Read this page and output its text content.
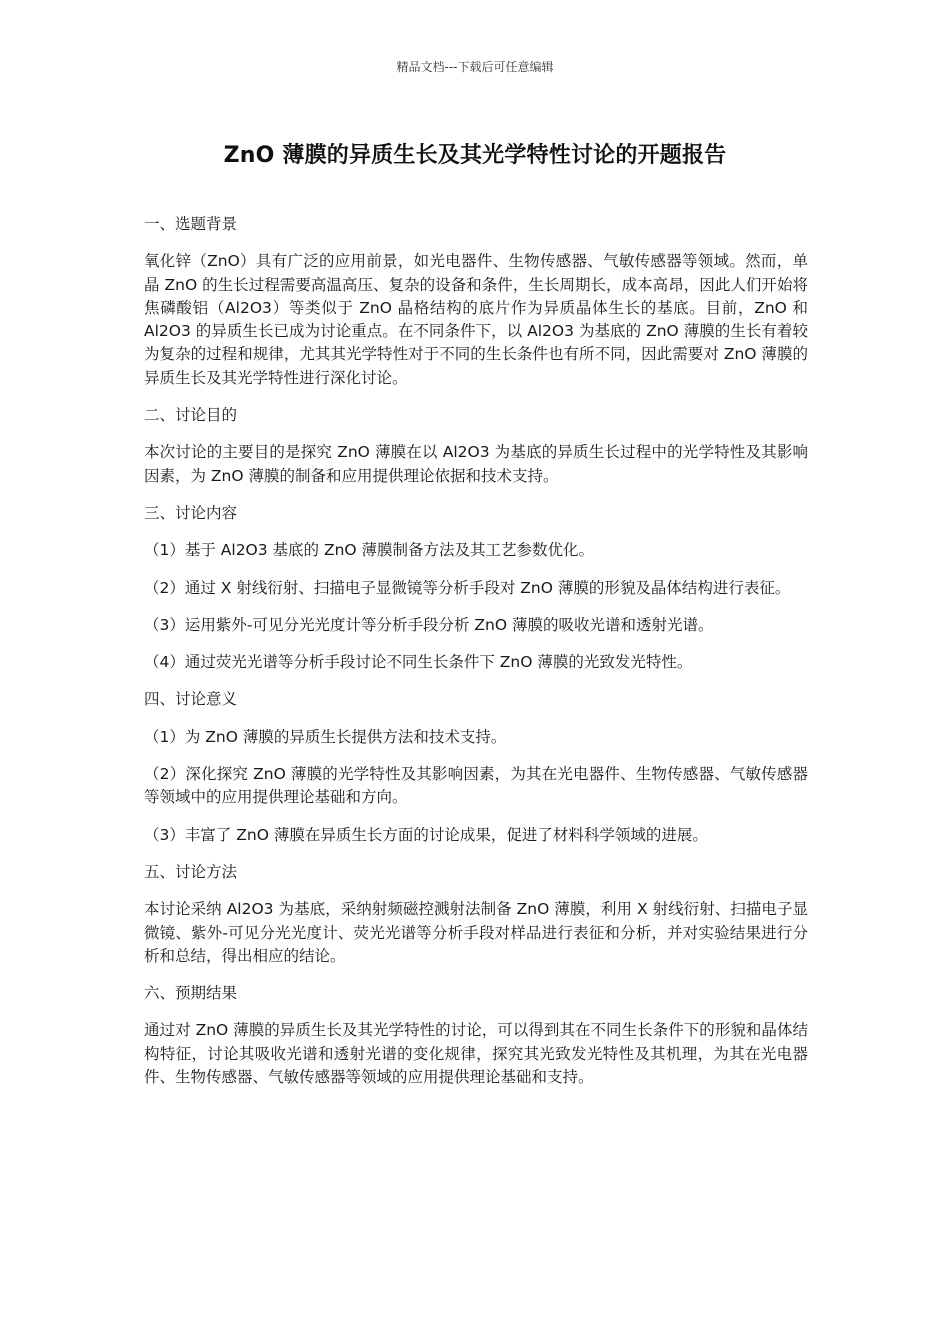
精品文档---下载后可任意编辑
ZnO 薄膜的异质生长及其光学特性讨论的开题报告
一、选题背景
氧化锌（ZnO）具有广泛的应用前景，如光电器件、生物传感器、气敏传感器等领域。然而，单晶 ZnO 的生长过程需要高温高压、复杂的设备和条件，生长周期长，成本高昂，因此人们开始将焦磷酸铝（Al2O3）等类似于 ZnO 晶格结构的底片作为异质晶体生长的基底。目前，ZnO 和 Al2O3 的异质生长已成为讨论重点。在不同条件下，以 Al2O3 为基底的 ZnO 薄膜的生长有着较为复杂的过程和规律，尤其其光学特性对于不同的生长条件也有所不同，因此需要对 ZnO 薄膜的异质生长及其光学特性进行深化讨论。
二、讨论目的
本次讨论的主要目的是探究 ZnO 薄膜在以 Al2O3 为基底的异质生长过程中的光学特性及其影响因素，为 ZnO 薄膜的制备和应用提供理论依据和技术支持。
三、讨论内容
（1）基于 Al2O3 基底的 ZnO 薄膜制备方法及其工艺参数优化。
（2）通过 X 射线衍射、扫描电子显微镜等分析手段对 ZnO 薄膜的形貌及晶体结构进行表征。
（3）运用紫外-可见分光光度计等分析手段分析 ZnO 薄膜的吸收光谱和透射光谱。
（4）通过荧光光谱等分析手段讨论不同生长条件下 ZnO 薄膜的光致发光特性。
四、讨论意义
（1）为 ZnO 薄膜的异质生长提供方法和技术支持。
（2）深化探究 ZnO 薄膜的光学特性及其影响因素，为其在光电器件、生物传感器、气敏传感器等领域中的应用提供理论基础和方向。
（3）丰富了 ZnO 薄膜在异质生长方面的讨论成果，促进了材料科学领域的进展。
五、讨论方法
本讨论采纳 Al2O3 为基底，采纳射频磁控溅射法制备 ZnO 薄膜，利用 X 射线衍射、扫描电子显微镜、紫外-可见分光光度计、荧光光谱等分析手段对样品进行表征和分析，并对实验结果进行分析和总结，得出相应的结论。
六、预期结果
通过对 ZnO 薄膜的异质生长及其光学特性的讨论，可以得到其在不同生长条件下的形貌和晶体结构特征，讨论其吸收光谱和透射光谱的变化规律，探究其光致发光特性及其机理，为其在光电器件、生物传感器、气敏传感器等领域的应用提供理论基础和支持。
